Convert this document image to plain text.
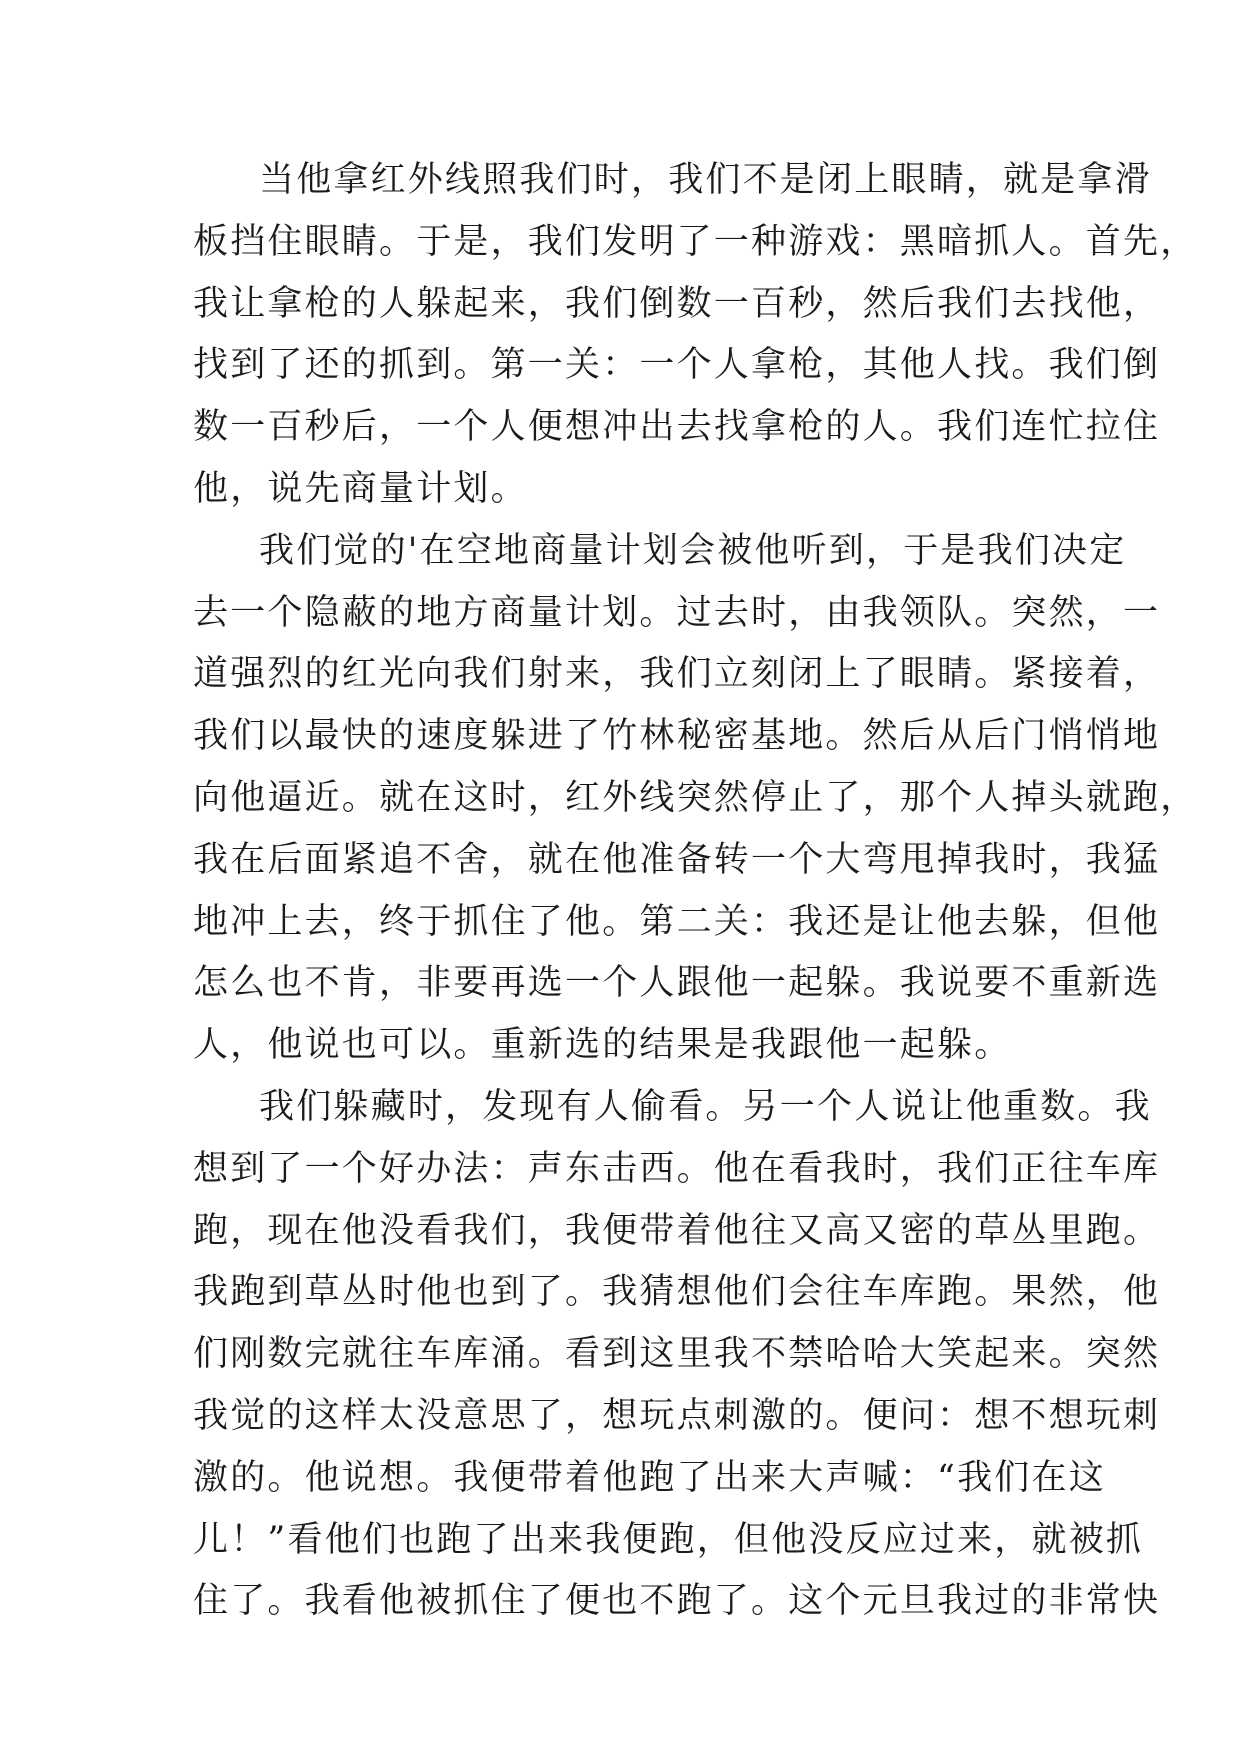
当他拿红外线照我们时，我们不是闭上眼睛，就是拿滑
板挡住眼睛。于是，我们发明了一种游戏：黑暗抓人。首先，
我让拿枪的人躲起来，我们倒数一百秒，然后我们去找他，
找到了还的抓到。第一关：一个人拿枪，其他人找。我们倒
数一百秒后，一个人便想冲出去找拿枪的人。我们连忙拉住
他，说先商量计划。
我们觉的'在空地商量计划会被他听到，于是我们决定
去一个隐蔽的地方商量计划。过去时，由我领队。突然，一
道强烈的红光向我们射来，我们立刻闭上了眼睛。紧接着，
我们以最快的速度躲进了竹林秘密基地。然后从后门悄悄地
向他逼近。就在这时，红外线突然停止了，那个人掉头就跑，
我在后面紧追不舍，就在他准备转一个大弯甩掉我时，我猛
地冲上去，终于抓住了他。第二关：我还是让他去躲，但他
怎么也不肯，非要再选一个人跟他一起躲。我说要不重新选
人，他说也可以。重新选的结果是我跟他一起躲。
我们躲藏时，发现有人偷看。另一个人说让他重数。我
想到了一个好办法：声东击西。他在看我时，我们正往车库
跑，现在他没看我们，我便带着他往又高又密的草丛里跑。
我跑到草丛时他也到了。我猜想他们会往车库跑。果然，他
们刚数完就往车库涌。看到这里我不禁哈哈大笑起来。突然
我觉的这样太没意思了，想玩点刺激的。便问：想不想玩刺
激的。他说想。我便带着他跑了出来大声喊：“我们在这
儿！”看他们也跑了出来我便跑，但他没反应过来，就被抓
住了。我看他被抓住了便也不跑了。这个元旦我过的非常快
